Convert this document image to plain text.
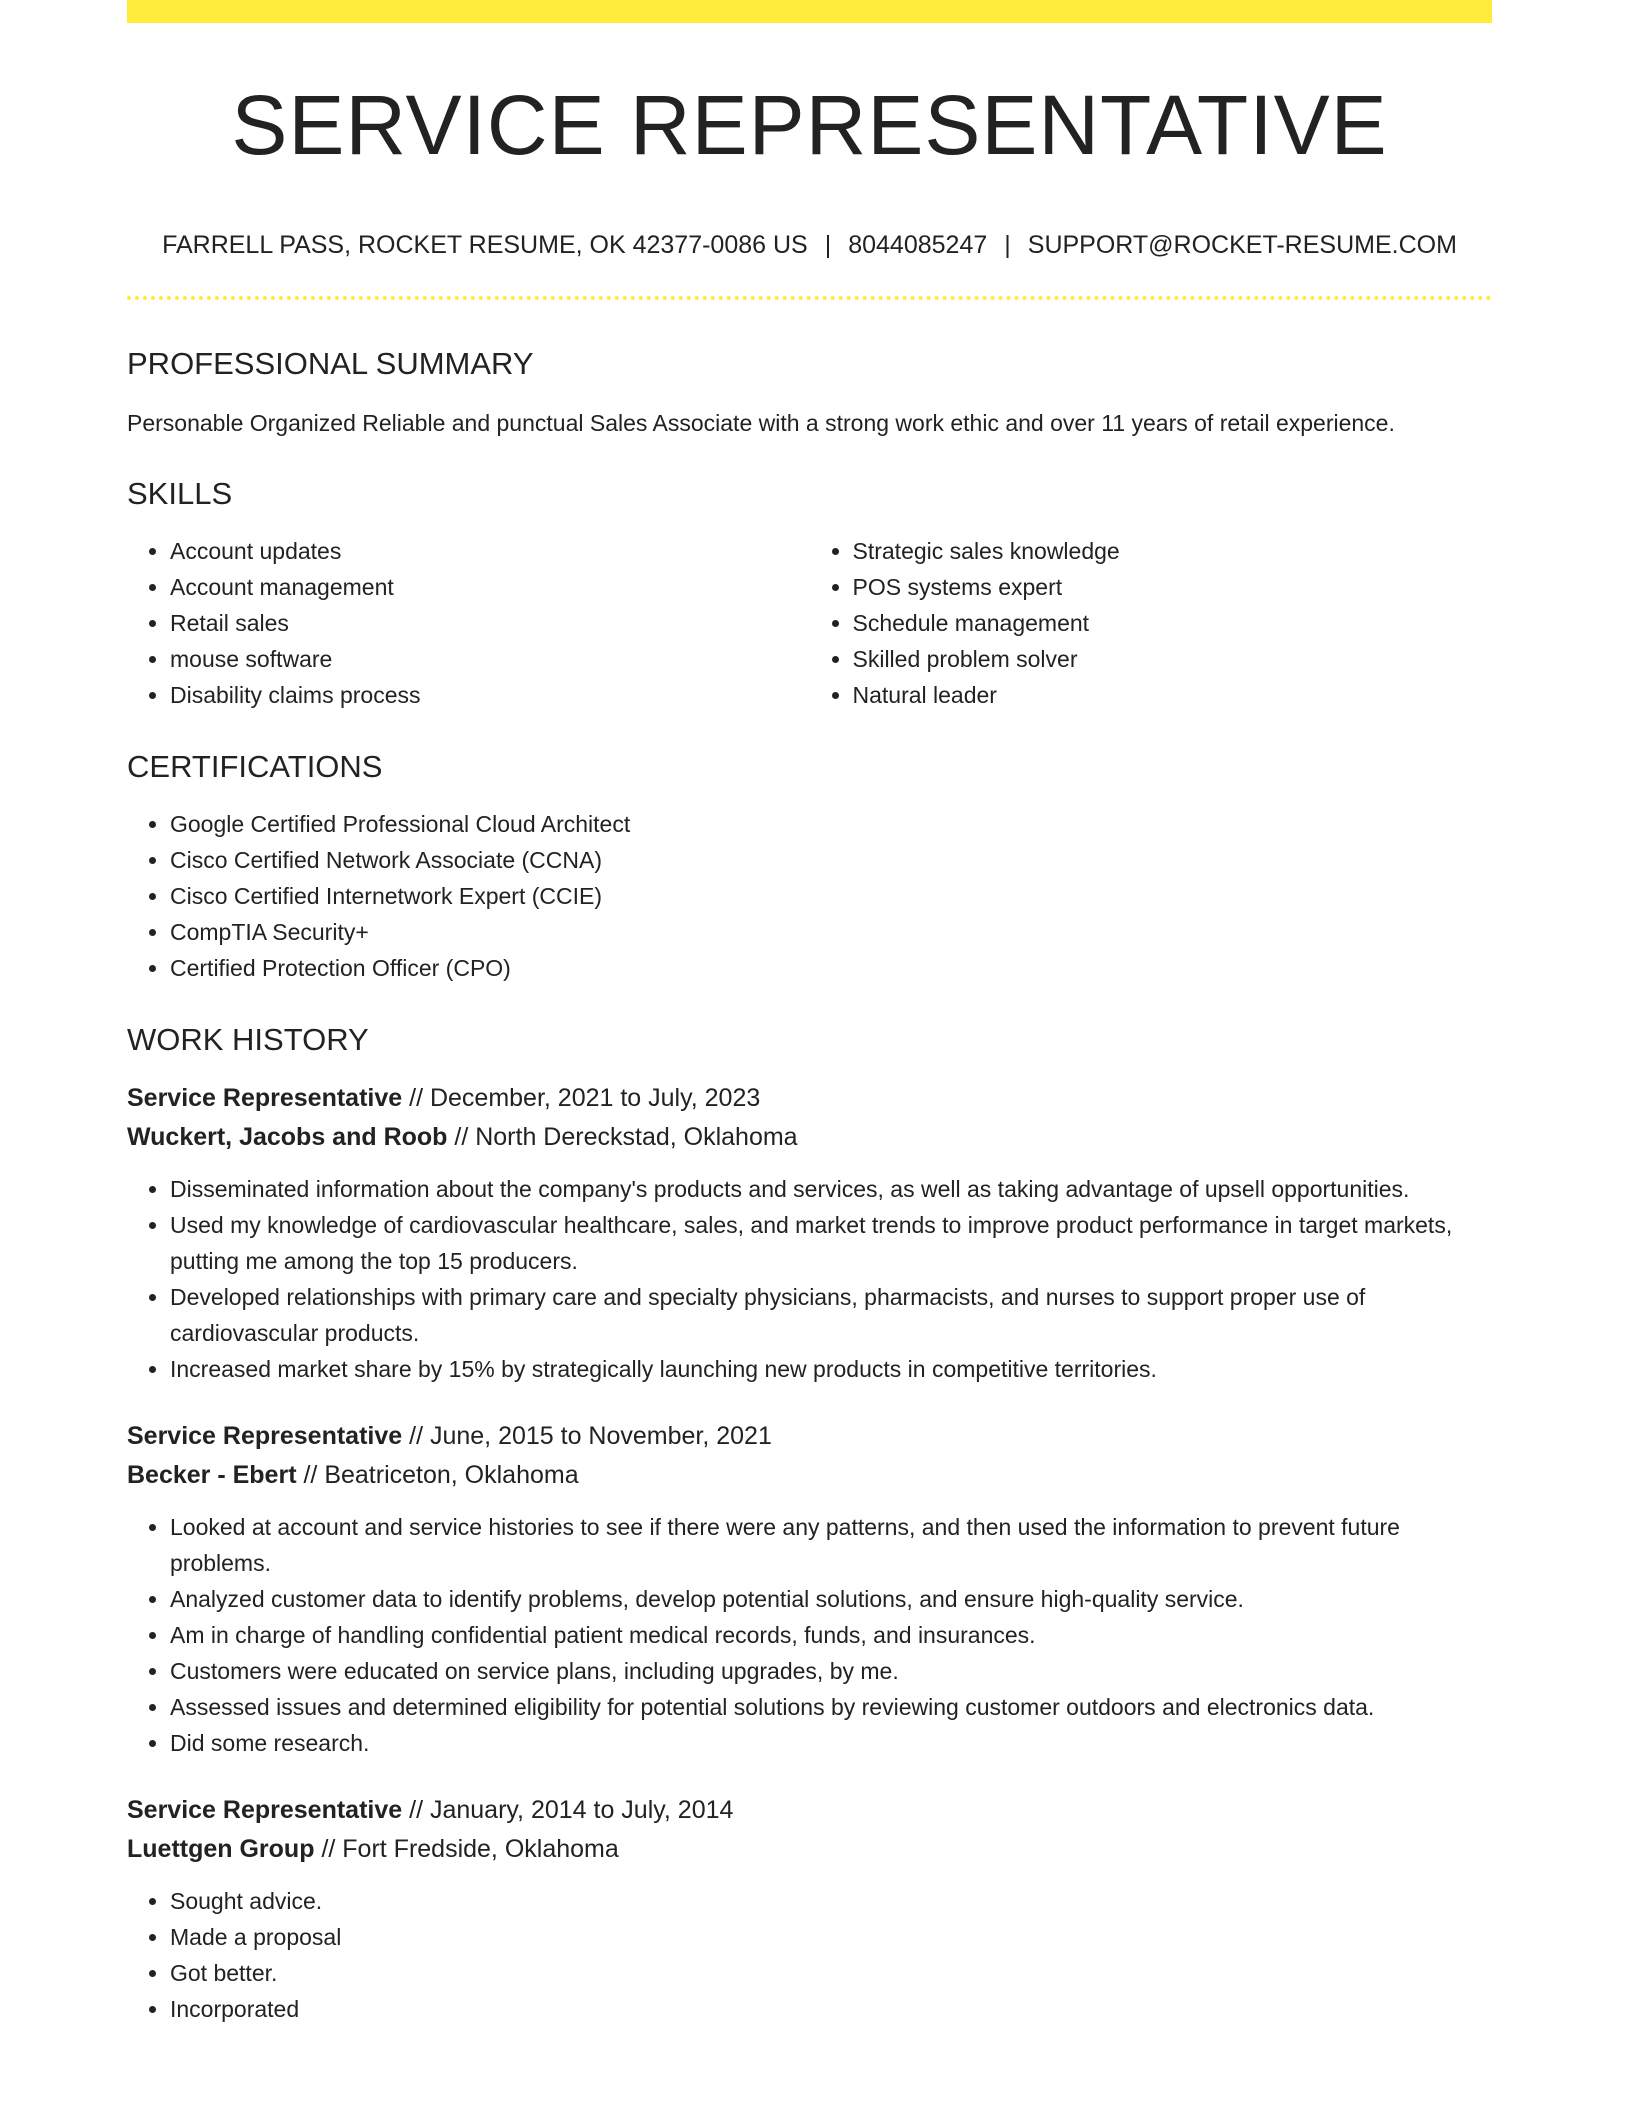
SERVICE REPRESENTATIVE
FARRELL PASS, ROCKET RESUME, OK 42377-0086 US | 8044085247 | SUPPORT@ROCKET-RESUME.COM
PROFESSIONAL SUMMARY

Personable Organized Reliable and punctual Sales Associate with a strong work ethic and over 11 years of retail experience.

SKILLS
• Account updates
• Account management
• Retail sales
• mouse software
• Disability claims process
• Strategic sales knowledge
• POS systems expert
• Schedule management
• Skilled problem solver
• Natural leader
CERTIFICATIONS
• Google Certified Professional Cloud Architect
• Cisco Certified Network Associate (CCNA)
• Cisco Certified Internetwork Expert (CCIE)
• CompTIA Security+
• Certified Protection Officer (CPO)
WORK HISTORY
Service Representative // December, 2021 to July, 2023
Wuckert, Jacobs and Roob // North Dereckstad, Oklahoma
• Disseminated information about the company's products and services, as well as taking advantage of upsell opportunities.
• Used my knowledge of cardiovascular healthcare, sales, and market trends to improve product performance in target markets, putting me among the top 15 producers.
• Developed relationships with primary care and specialty physicians, pharmacists, and nurses to support proper use of cardiovascular products.
• Increased market share by 15% by strategically launching new products in competitive territories.
Service Representative // June, 2015 to November, 2021
Becker - Ebert // Beatriceton, Oklahoma
• Looked at account and service histories to see if there were any patterns, and then used the information to prevent future problems.
• Analyzed customer data to identify problems, develop potential solutions, and ensure high-quality service.
• Am in charge of handling confidential patient medical records, funds, and insurances.
• Customers were educated on service plans, including upgrades, by me.
• Assessed issues and determined eligibility for potential solutions by reviewing customer outdoors and electronics data.
• Did some research.
Service Representative // January, 2014 to July, 2014
Luettgen Group // Fort Fredside, Oklahoma
• Sought advice.
• Made a proposal
• Got better.
• Incorporated
